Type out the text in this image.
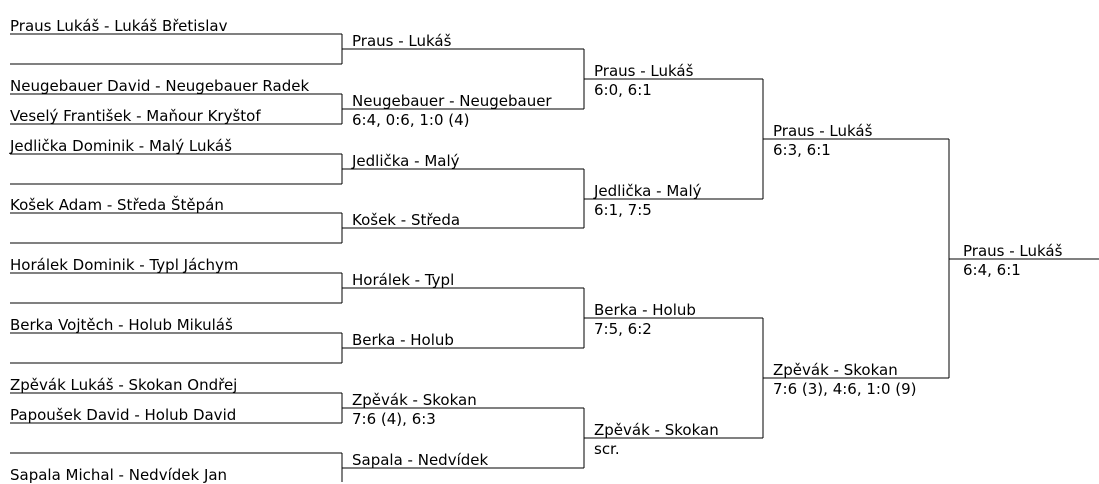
Praus Lukáš - Lukáš Břetislav
Neugebauer David - Neugebauer Radek
Veselý František - Maňour Kryštof
Jedlička Dominik - Malý Lukáš
Košek Adam - Středa Štěpán
Horálek Dominik - Typl Jáchym
Berka Vojtěch - Holub Mikuláš
Zpěvák Lukáš - Skokan Ondřej
Papoušek David - Holub David
Sapala Michal - Nedvídek Jan
Praus - Lukáš
Neugebauer - Neugebauer
6:4, 0:6, 1:0 (4)
Jedlička - Malý
Košek - Středa
Horálek - Typl
Berka - Holub
Zpěvák - Skokan
7:6 (4), 6:3
Sapala - Nedvídek
Praus - Lukáš
6:0, 6:1
Jedlička - Malý
6:1, 7:5
Berka - Holub
7:5, 6:2
Zpěvák - Skokan
scr.
Praus - Lukáš
6:3, 6:1
Zpěvák - Skokan
7:6 (3), 4:6, 1:0 (9)
Praus - Lukáš
6:4, 6:1
